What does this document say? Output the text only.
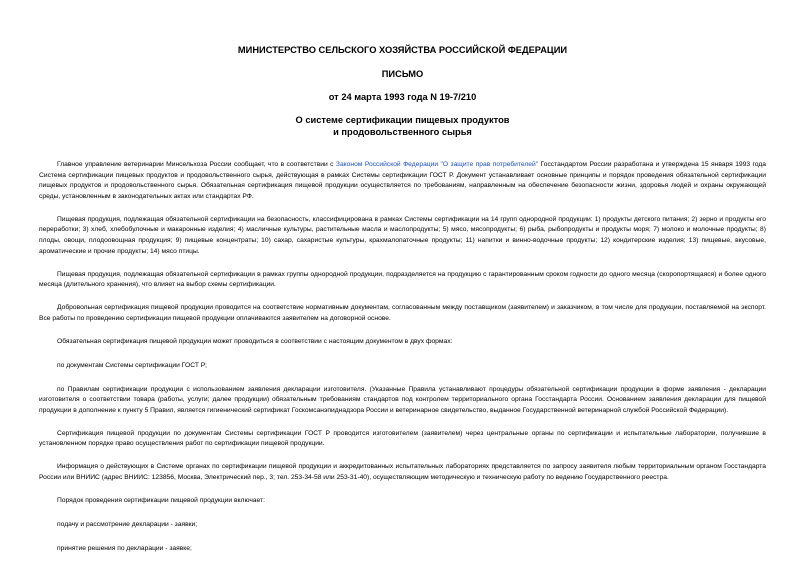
МИНИСТЕРСТВО СЕЛЬСКОГО ХОЗЯЙСТВА РОССИЙСКОЙ ФЕДЕРАЦИИ
ПИСЬМО
от 24 марта 1993 года N 19-7/210
О системе сертификации пищевых продуктов
и продовольственного сырья

Главное управление ветеринарии Минсельхоза России сообщает, что в соответствии с Законом Российской Федерации "О защите прав потребителей" Госстандартом России разработана и утверждена 15 января 1993 года Система сертификации пищевых продуктов и продовольственного сырья, действующая в рамках Системы сертификации ГОСТ Р. Документ устанавливает основные принципы и порядок проведения обязательной сертификации пищевых продуктов и продовольственного сырья. Обязательная сертификация пищевой продукции осуществляется по требованиям, направленным на обеспечение безопасности жизни, здоровья людей и охраны окружающей среды, установленным в законодательных актах или стандартах РФ.

Пищевая продукция, подлежащая обязательной сертификации на безопасность, классифицирована в рамках Системы сертификации на 14 групп однородной продукции: 1) продукты детского питания; 2) зерно и продукты его переработки; 3) хлеб, хлебобулочные и макаронные изделия; 4) масличные культуры, растительные масла и маслопродукты; 5) мясо, мясопродукты; 6) рыба, рыбопродукты и продукты моря; 7) молоко и молочные продукты; 8) плоды, овощи, плодоовощная продукция; 9) пищевые концентраты; 10) сахар, сахаристые культуры, крахмалопаточные продукты; 11) напитки и винно-водочные продукты; 12) кондитерские изделия; 13) пищевые, вкусовые, ароматические и прочие продукты; 14) мясо птицы.

Пищевая продукция, подлежащая обязательной сертификации в рамках группы однородной продукции, подразделяется на продукцию с гарантированным сроком годности до одного месяца (скоропортящаяся) и более одного месяца (длительного хранения), что влияет на выбор схемы сертификации.

Добровольная сертификация пищевой продукции проводится на соответствие нормативным документам, согласованным между поставщиком (заявителем) и заказчиком, в том числе для продукции, поставляемой на экспорт. Все работы по проведению сертификации пищевой продукции оплачиваются заявителем на договорной основе.

Обязательная сертификация пищевой продукции может проводиться в соответствии с настоящим документом в двух формах:

по документам Системы сертификации ГОСТ Р;

по Правилам сертификации продукции с использованием заявления декларации изготовителя. (Указанные Правила устанавливают процедуры обязательной сертификации продукции в форме заявления - декларации изготовителя о соответствии товара (работы, услуги; далее продукции) обязательным требованиям стандартов под контролем территориального органа Госстандарта России. Основанием заявления декларации для пищевой продукции в дополнение к пункту 5 Правил, является гигиенический сертификат Госкомсанэпиднадзора России и ветеринарное свидетельство, выданное Государственной ветеринарной службой Российской Федерации).

Сертификация пищевой продукции по документам Системы сертификации ГОСТ Р проводится изготовителем (заявителем) через центральные органы по сертификации и испытательные лаборатории, получившие в установленном порядке право осуществления работ по сертификации пищевой продукции.

Информация о действующих в Системе органах по сертификации пищевой продукции и аккредитованных испытательных лабораториях представляется по запросу заявителя любым территориальным органом Госстандарта России или ВНИИС (адрес ВНИИС: 123856, Москва, Электрический пер., 3; тел. 253-34-58 или 253-31-40), осуществляющим методическую и техническую работу по ведению Государственного реестра.

Порядок проведения сертификации пищевой продукции включает:

подачу и рассмотрение декларации - заявки;

принятие решения по декларации - заявке;
